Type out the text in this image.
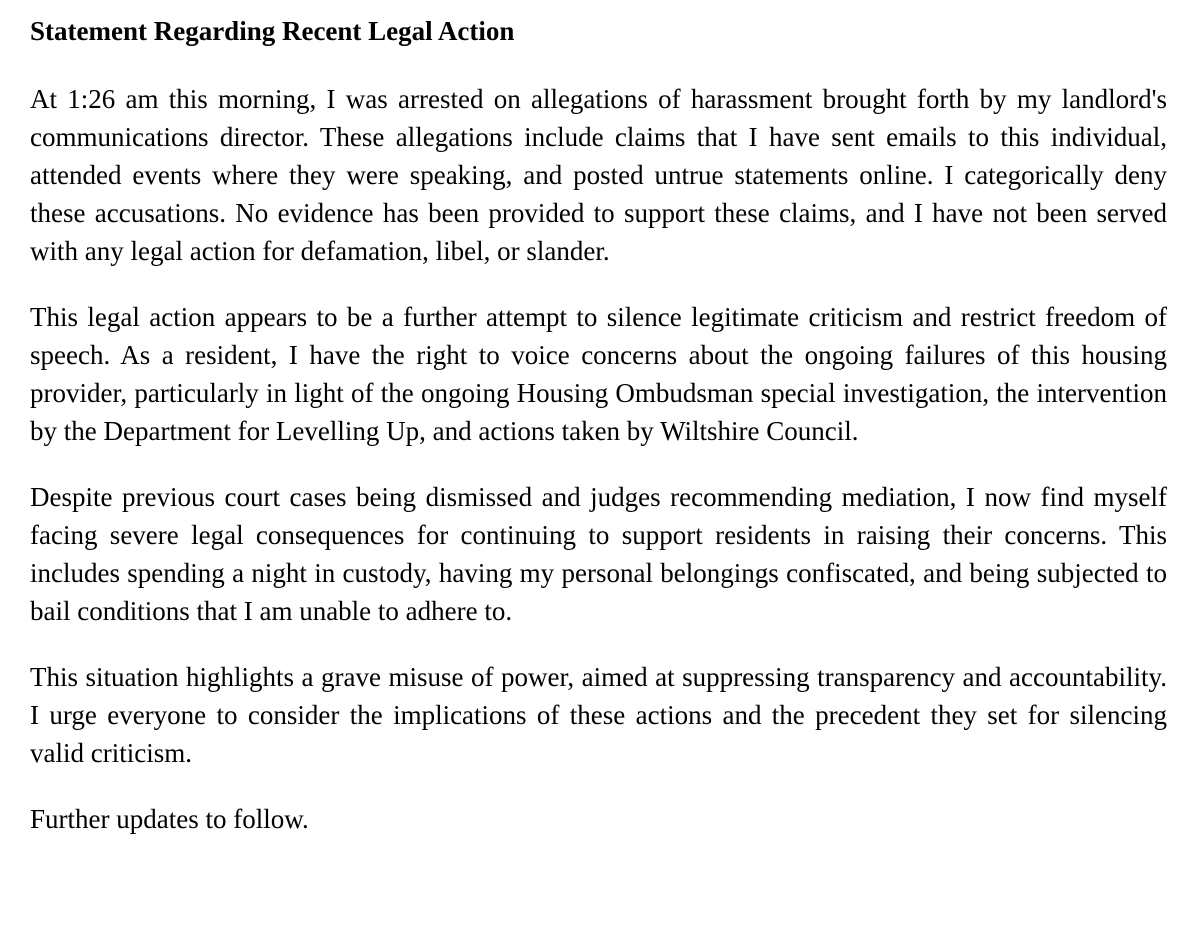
Statement Regarding Recent Legal Action

At 1:26 am this morning, I was arrested on allegations of harassment brought forth by my landlord's communications director. These allegations include claims that I have sent emails to this individual, attended events where they were speaking, and posted untrue statements online. I categorically deny these accusations. No evidence has been provided to support these claims, and I have not been served with any legal action for defamation, libel, or slander.

This legal action appears to be a further attempt to silence legitimate criticism and restrict freedom of speech. As a resident, I have the right to voice concerns about the ongoing failures of this housing provider, particularly in light of the ongoing Housing Ombudsman special investigation, the intervention by the Department for Levelling Up, and actions taken by Wiltshire Council.

Despite previous court cases being dismissed and judges recommending mediation, I now find myself facing severe legal consequences for continuing to support residents in raising their concerns. This includes spending a night in custody, having my personal belongings confiscated, and being subjected to bail conditions that I am unable to adhere to.

This situation highlights a grave misuse of power, aimed at suppressing transparency and accountability. I urge everyone to consider the implications of these actions and the precedent they set for silencing valid criticism.

Further updates to follow.
